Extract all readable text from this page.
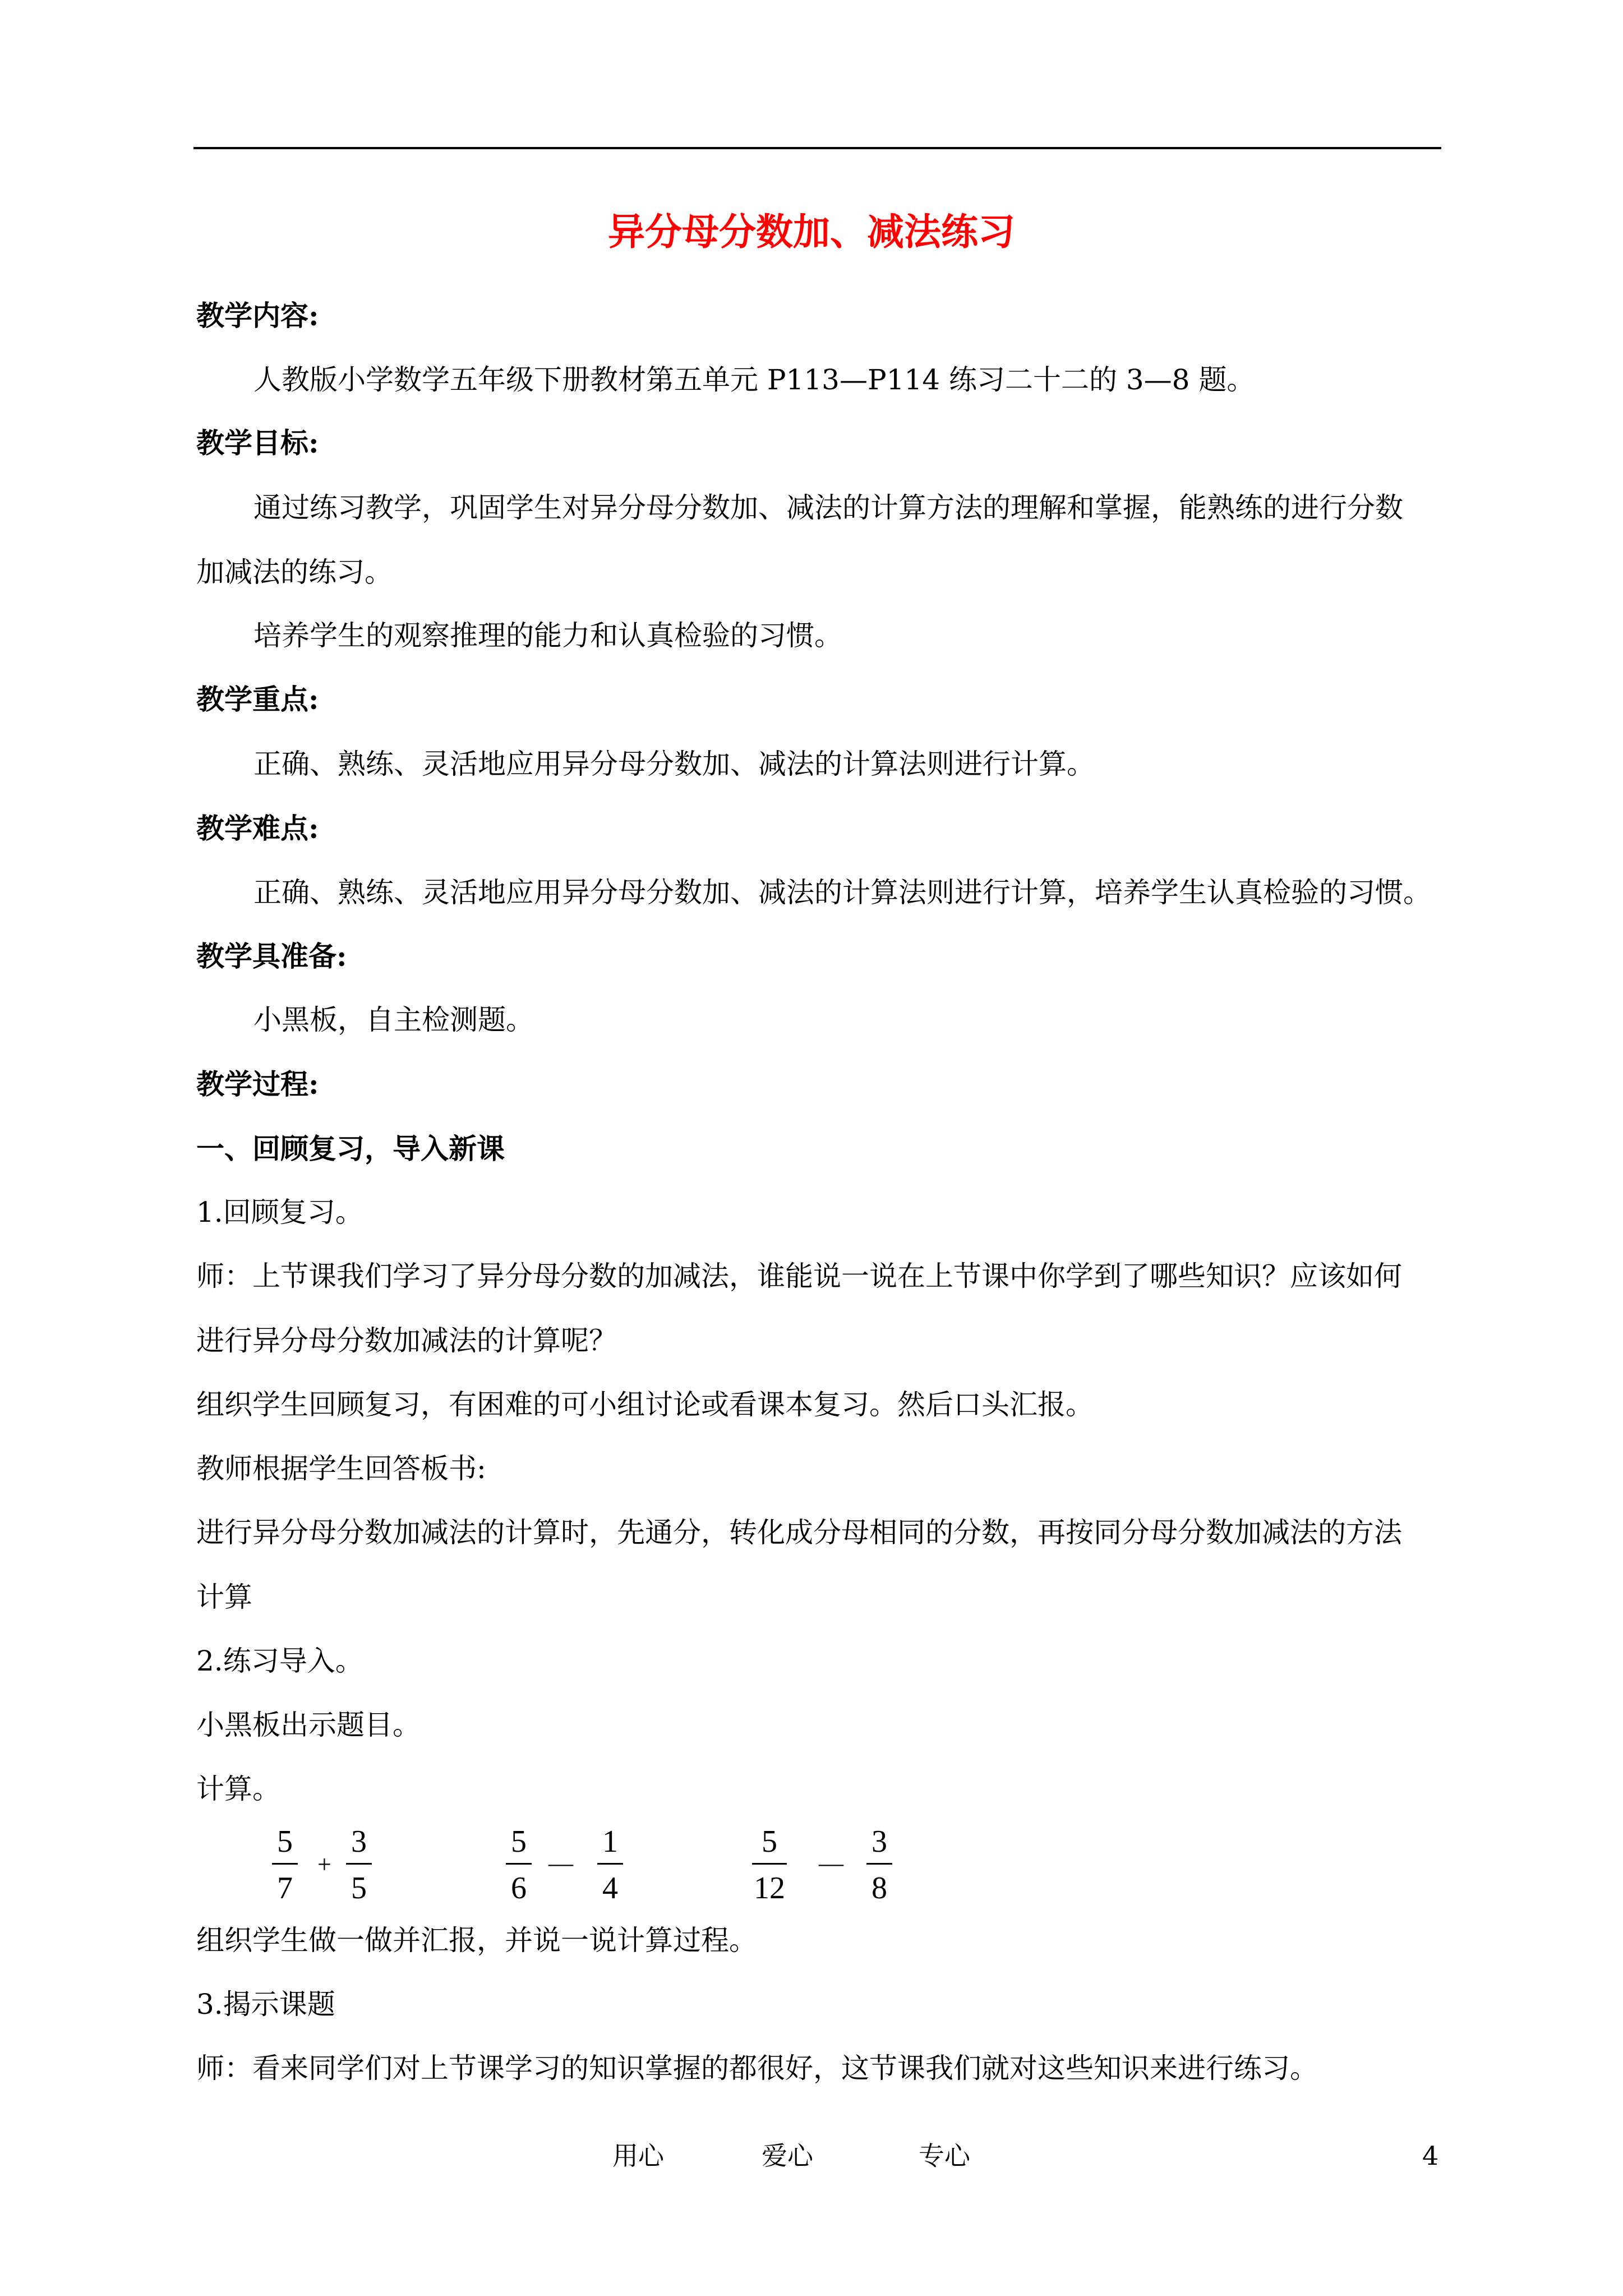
异分母分数加、减法练习
教学内容:
人教版小学数学五年级下册教材第五单元 P113—P114 练习二十二的 3—8 题。
教学目标:
通过练习教学，巩固学生对异分母分数加、减法的计算方法的理解和掌握，能熟练的进行分数
加减法的练习。
培养学生的观察推理的能力和认真检验的习惯。
教学重点:
正确、熟练、灵活地应用异分母分数加、减法的计算法则进行计算。
教学难点:
正确、熟练、灵活地应用异分母分数加、减法的计算法则进行计算，培养学生认真检验的习惯。
教学具准备:
小黑板，自主检测题。
教学过程:
一、回顾复习，导入新课
1.回顾复习。
师：上节课我们学习了异分母分数的加减法，谁能说一说在上节课中你学到了哪些知识？应该如何
进行异分母分数加减法的计算呢？
组织学生回顾复习，有困难的可小组讨论或看课本复习。然后口头汇报。
教师根据学生回答板书:
进行异分母分数加减法的计算时，先通分，转化成分母相同的分数，再按同分母分数加减法的方法
计算
2.练习导入。
小黑板出示题目。
计算。
5
7
+
3
5
5
6
—
1
4
5
12
—
3
8
组织学生做一做并汇报，并说一说计算过程。
3.揭示课题
师：看来同学们对上节课学习的知识掌握的都很好，这节课我们就对这些知识来进行练习。
用心	爱心	专心	4
